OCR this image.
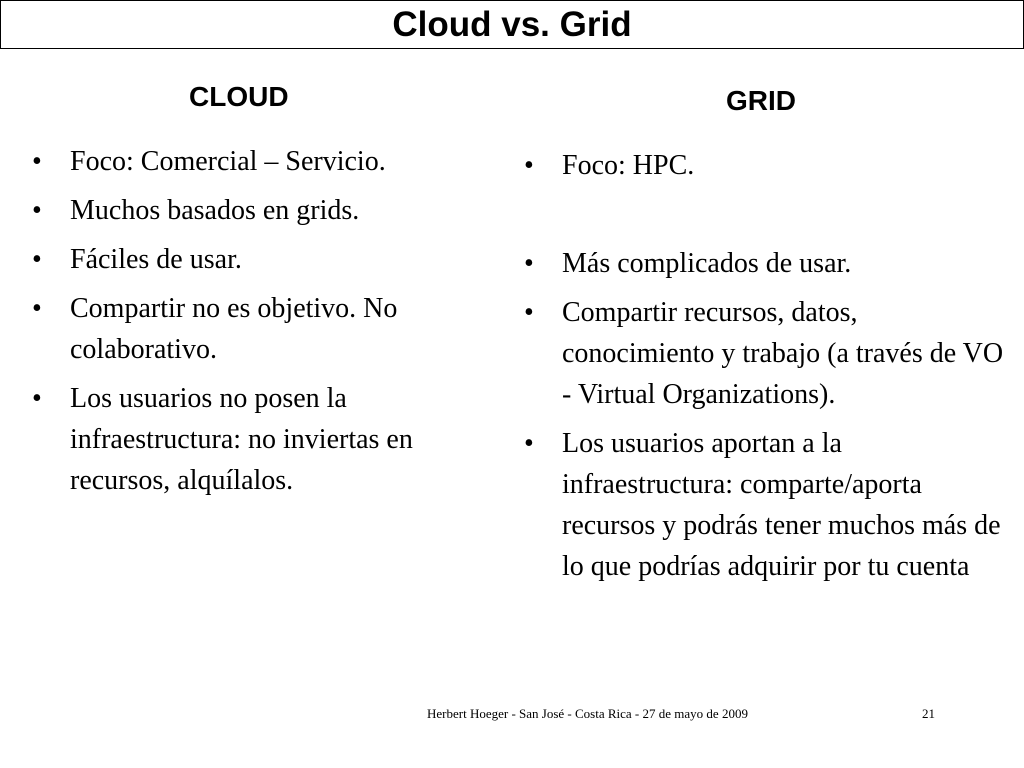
Cloud vs. Grid
CLOUD	GRID
• Foco: Comercial – Servicio.
• Muchos basados en grids.
• Fáciles de usar.
• Compartir no es objetivo. No colaborativo.
• Los usuarios no posen la infraestructura: no inviertas en recursos, alquílalos.
• Foco: HPC.
• Más complicados de usar.
• Compartir recursos, datos, conocimiento y trabajo (a través de VO - Virtual Organizations).
• Los usuarios aportan a la infraestructura: comparte/aporta recursos y podrás tener muchos más de lo que podrías adquirir por tu cuenta
Herbert Hoeger - San José - Costa Rica - 27 de mayo de 2009	21
